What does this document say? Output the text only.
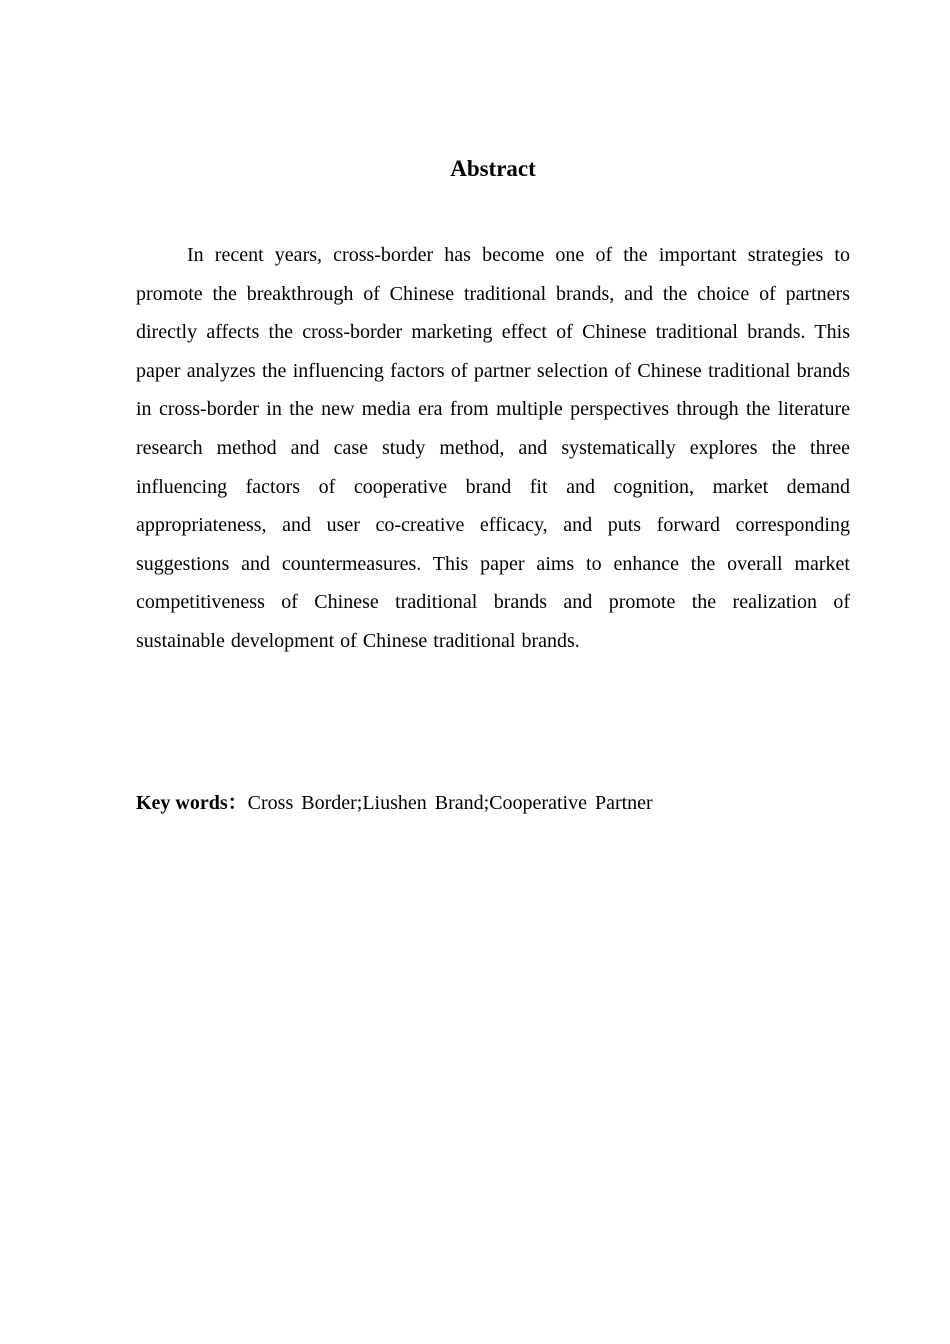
Abstract

In recent years, cross-border has become one of the important strategies to promote the breakthrough of Chinese traditional brands, and the choice of partners directly affects the cross-border marketing effect of Chinese traditional brands. This paper analyzes the influencing factors of partner selection of Chinese traditional brands in cross-border in the new media era from multiple perspectives through the literature research method and case study method, and systematically explores the three influencing factors of cooperative brand fit and cognition, market demand appropriateness, and user co-creative efficacy, and puts forward corresponding suggestions and countermeasures. This paper aims to enhance the overall market competitiveness of Chinese traditional brands and promote the realization of sustainable development of Chinese traditional brands.

Key words：Cross Border;Liushen Brand;Cooperative Partner
